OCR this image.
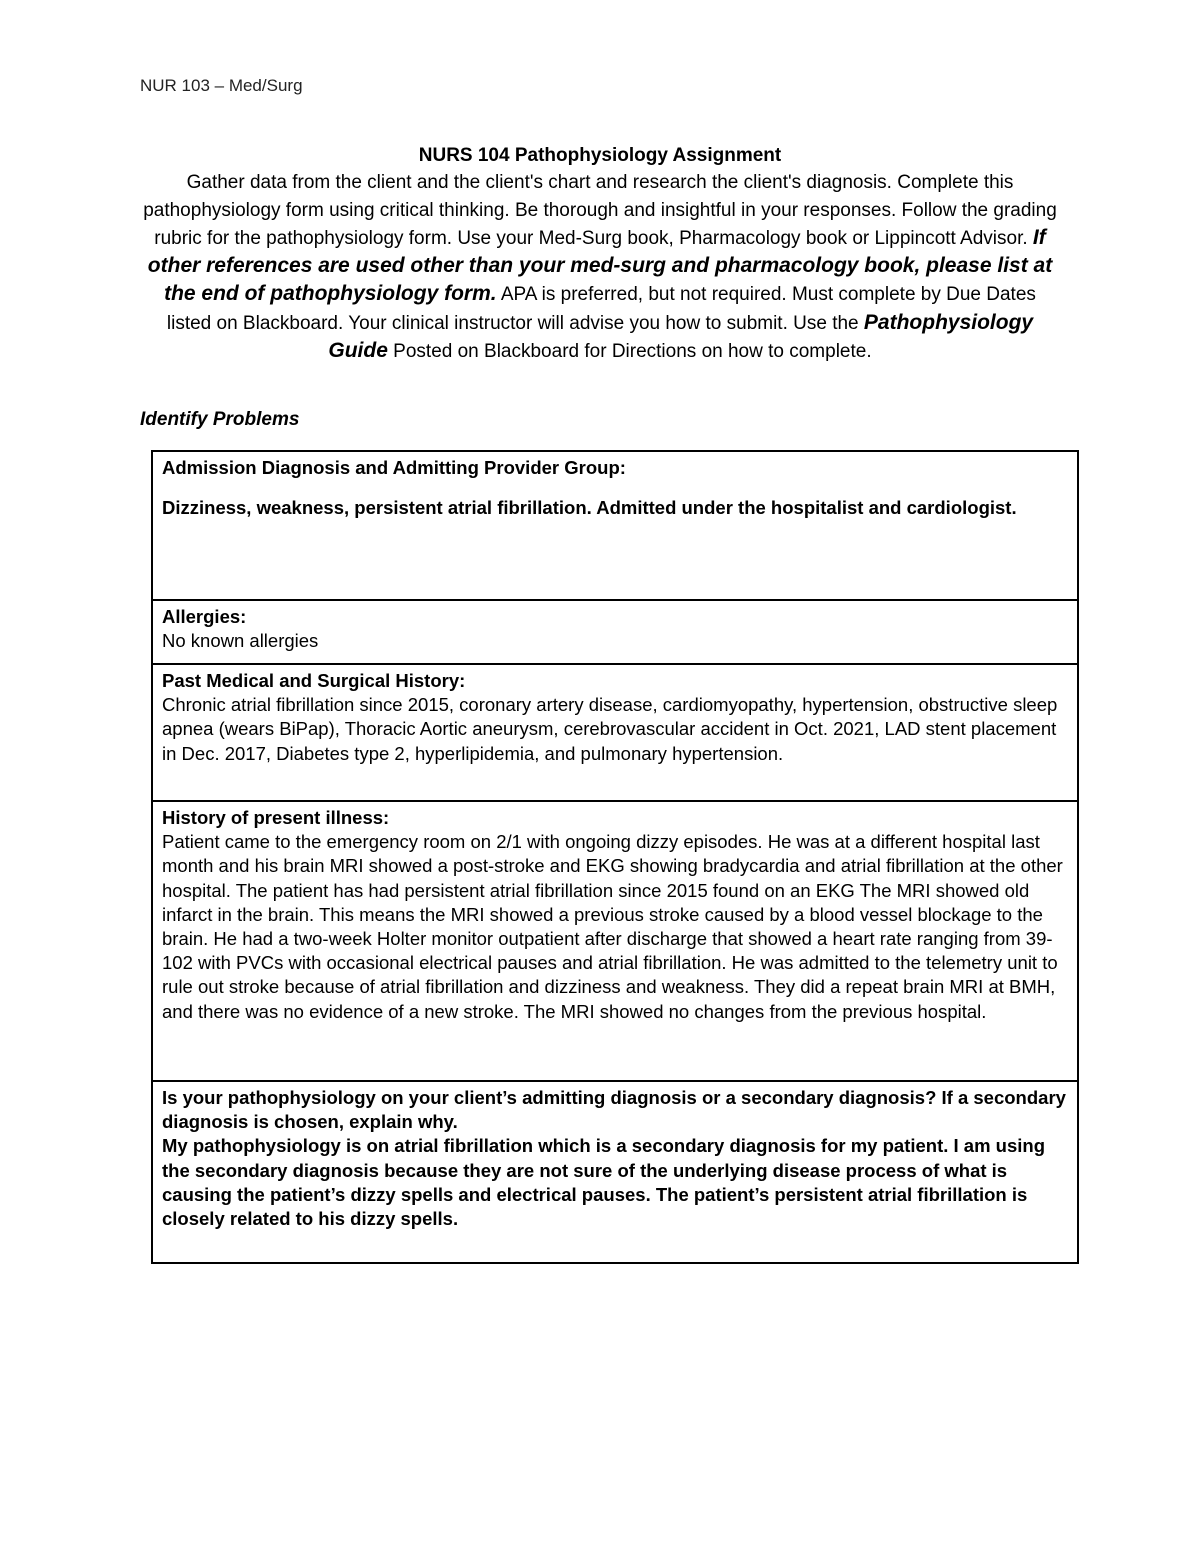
NUR 103 – Med/Surg
NURS 104 Pathophysiology Assignment
Gather data from the client and the client's chart and research the client's diagnosis. Complete this pathophysiology form using critical thinking. Be thorough and insightful in your responses. Follow the grading rubric for the pathophysiology form. Use your Med-Surg book, Pharmacology book or Lippincott Advisor. If other references are used other than your med-surg and pharmacology book, please list at the end of pathophysiology form. APA is preferred, but not required. Must complete by Due Dates listed on Blackboard. Your clinical instructor will advise you how to submit. Use the Pathophysiology Guide Posted on Blackboard for Directions on how to complete.
Identify Problems
Admission Diagnosis and Admitting Provider Group:
Dizziness, weakness, persistent atrial fibrillation. Admitted under the hospitalist and cardiologist.

Allergies:
No known allergies

Past Medical and Surgical History:
Chronic atrial fibrillation since 2015, coronary artery disease, cardiomyopathy, hypertension, obstructive sleep apnea (wears BiPap), Thoracic Aortic aneurysm, cerebrovascular accident in Oct. 2021, LAD stent placement in Dec. 2017, Diabetes type 2, hyperlipidemia, and pulmonary hypertension.

History of present illness:
Patient came to the emergency room on 2/1 with ongoing dizzy episodes. He was at a different hospital last month and his brain MRI showed a post-stroke and EKG showing bradycardia and atrial fibrillation at the other hospital. The patient has had persistent atrial fibrillation since 2015 found on an EKG The MRI showed old infarct in the brain. This means the MRI showed a previous stroke caused by a blood vessel blockage to the brain. He had a two-week Holter monitor outpatient after discharge that showed a heart rate ranging from 39-102 with PVCs with occasional electrical pauses and atrial fibrillation. He was admitted to the telemetry unit to rule out stroke because of atrial fibrillation and dizziness and weakness. They did a repeat brain MRI at BMH, and there was no evidence of a new stroke. The MRI showed no changes from the previous hospital.

Is your pathophysiology on your client’s admitting diagnosis or a secondary diagnosis? If a secondary diagnosis is chosen, explain why.
My pathophysiology is on atrial fibrillation which is a secondary diagnosis for my patient. I am using the secondary diagnosis because they are not sure of the underlying disease process of what is causing the patient’s dizzy spells and electrical pauses. The patient’s persistent atrial fibrillation is closely related to his dizzy spells.
